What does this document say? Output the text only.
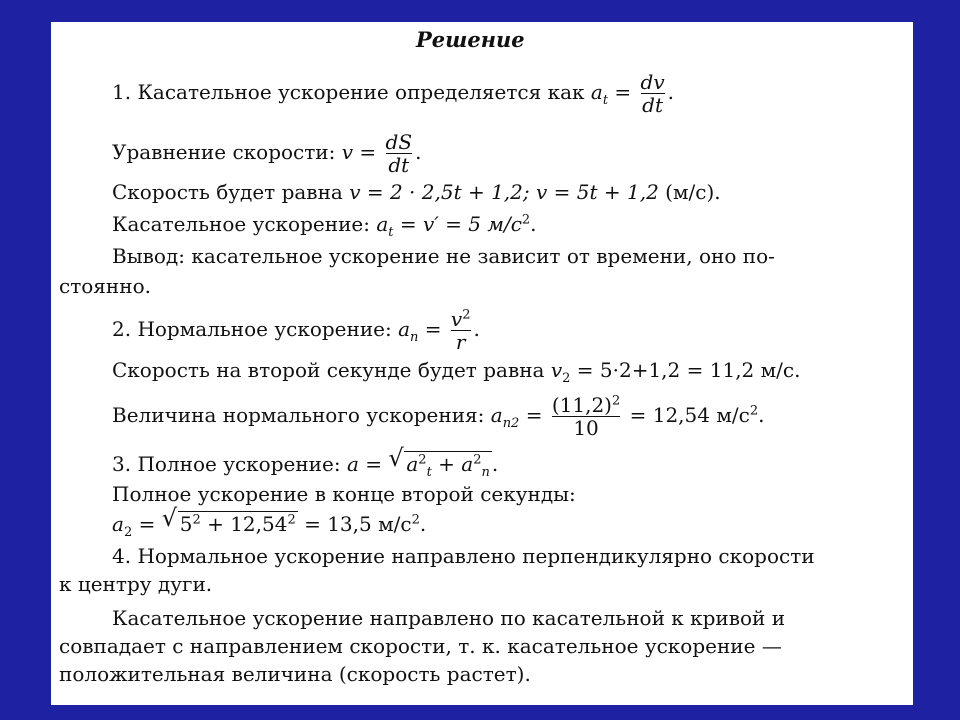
Решение
1. Касательное ускорение определяется как $a_t = \frac{dv}{dt}$ .
Уравнение скорости: $v = \frac{dS}{dt}$ .
Скорость будет равна v = 2 · 2,5t + 1,2; v = 5t + 1,2 (м/с).
Касательное ускорение: $a_t = v' = 5$ $м/с^2$.
Вывод: касательное ускорение не зависит от времени, оно по-
стоянно.
2. Нормальное ускорение: $a_n = \frac{v^2}{r}$ .
Скорость на второй секунде будет равна $v_2 = 5\cdot 2+1,2 = 11,2$ м/с.
Величина нормального ускорения: $a_{n2} = \frac{(11,2)^2}{10} = 12,54$ $м/с^2$.
3. Полное ускорение: a = √ $a^2_t + a^2_n$ .
Полное ускорение в конце второй секунды:
$a_2$ = √ $5^2 + 12,54^2 = 13,5$ $м/с^2$.
4. Нормальное ускорение направлено перпендикулярно скорости
к центру дуги.
Касательное ускорение направлено по касательной к кривой и
совпадает с направлением скорости, т. к. касательное ускорение —
положительная величина (скорость растет).
